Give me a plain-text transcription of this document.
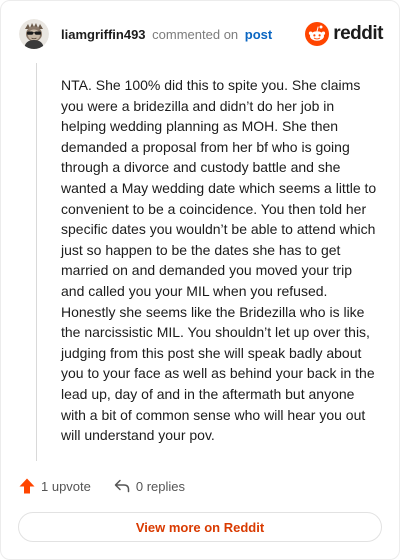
liamgriffin493 commented on post	reddit

NTA. She 100% did this to spite you. She claims you were a bridezilla and didn’t do her job in helping wedding planning as MOH. She then demanded a proposal from her bf who is going through a divorce and custody battle and she wanted a May wedding date which seems a little to convenient to be a coincidence. You then told her specific dates you wouldn’t be able to attend which just so happen to be the dates she has to get married on and demanded you moved your trip and called you your MIL when you refused. Honestly she seems like the Bridezilla who is like the narcissistic MIL. You shouldn’t let up over this, judging from this post she will speak badly about you to your face as well as behind your back in the lead up, day of and in the aftermath but anyone with a bit of common sense who will hear you out will understand your pov.

1 upvote	0 replies
View more on Reddit
